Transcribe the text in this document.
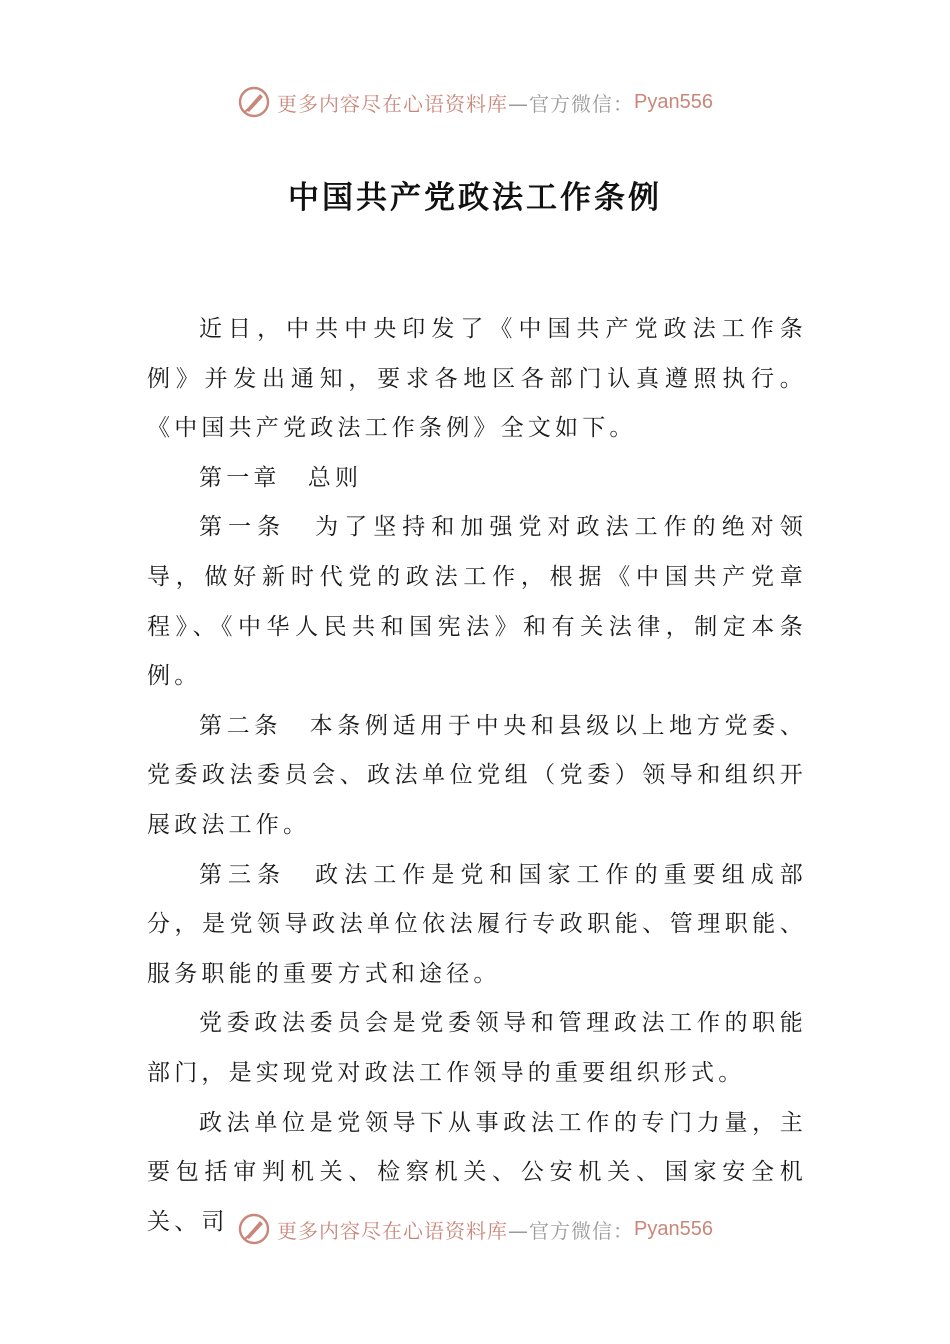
更多内容尽在心语资料库 —官方微信： Pyan556
中国共产党政法工作条例

近日，中共中央印发了《中国共产党政法工作条例》并发出通知，要求各地区各部门认真遵照执行。《中国共产党政法工作条例》全文如下。

第一章　总则

第一条　为了坚持和加强党对政法工作的绝对领导，做好新时代党的政法工作，根据《中国共产党章程》、《中华人民共和国宪法》和有关法律，制定本条例。

第二条　本条例适用于中央和县级以上地方党委、党委政法委员会、政法单位党组（党委）领导和组织开展政法工作。

第三条　政法工作是党和国家工作的重要组成部分，是党领导政法单位依法履行专政职能、管理职能、服务职能的重要方式和途径。

党委政法委员会是党委领导和管理政法工作的职能部门，是实现党对政法工作领导的重要组织形式。

政法单位是党领导下从事政法工作的专门力量，主要包括审判机关、检察机关、公安机关、国家安全机关、司	更多内容尽在心语资料库 —官方微信： Pyan556
